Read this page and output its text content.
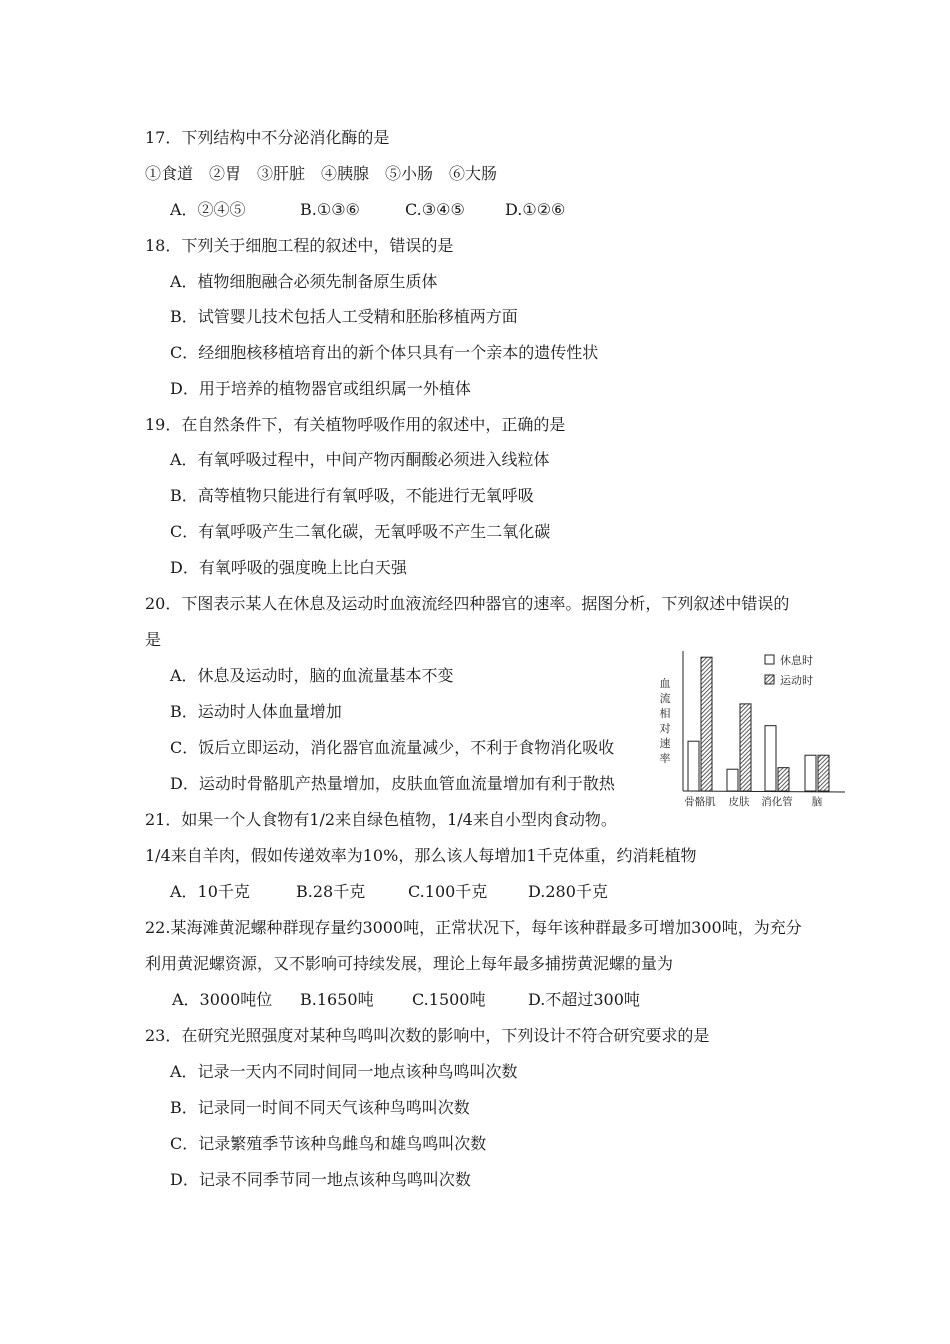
17．下列结构中不分泌消化酶的是
①食道　②胃　③肝脏　④胰腺　⑤小肠　⑥大肠
A．②④⑤	B.①③⑥	C.③④⑤	D.①②⑥
18．下列关于细胞工程的叙述中，错误的是
A．植物细胞融合必须先制备原生质体
B．试管婴儿技术包括人工受精和胚胎移植两方面
C．经细胞核移植培育出的新个体只具有一个亲本的遗传性状
D．用于培养的植物器官或组织属一外植体
19．在自然条件下，有关植物呼吸作用的叙述中，正确的是
A．有氧呼吸过程中，中间产物丙酮酸必须进入线粒体
B．高等植物只能进行有氧呼吸，不能进行无氧呼吸
C．有氧呼吸产生二氧化碳，无氧呼吸不产生二氧化碳
D．有氧呼吸的强度晚上比白天强
20．下图表示某人在休息及运动时血液流经四种器官的速率。据图分析，下列叙述中错误的
是
A．休息及运动时，脑的血流量基本不变
B．运动时人体血量增加
C．饭后立即运动，消化器官血流量减少，不利于食物消化吸收
D．运动时骨骼肌产热量增加，皮肤血管血流量增加有利于散热
血
流
相
对
速
率
骨骼肌 皮肤 消化管 脑
休息时
运动时
21．如果一个人食物有1/2来自绿色植物，1/4来自小型肉食动物。
1/4来自羊肉，假如传递效率为10%，那么该人每增加1千克体重，约消耗植物
A．10千克	B.28千克	C.100千克	D.280千克
22.某海滩黄泥螺种群现存量约3000吨，正常状况下，每年该种群最多可增加300吨，为充分
利用黄泥螺资源，又不影响可持续发展，理论上每年最多捕捞黄泥螺的量为
A．3000吨位 B.1650吨 C.1500吨	D.不超过300吨
23．在研究光照强度对某种鸟鸣叫次数的影响中，下列设计不符合研究要求的是
A．记录一天内不同时间同一地点该种鸟鸣叫次数
B．记录同一时间不同天气该种鸟鸣叫次数
C．记录繁殖季节该种鸟雌鸟和雄鸟鸣叫次数
D．记录不同季节同一地点该种鸟鸣叫次数
